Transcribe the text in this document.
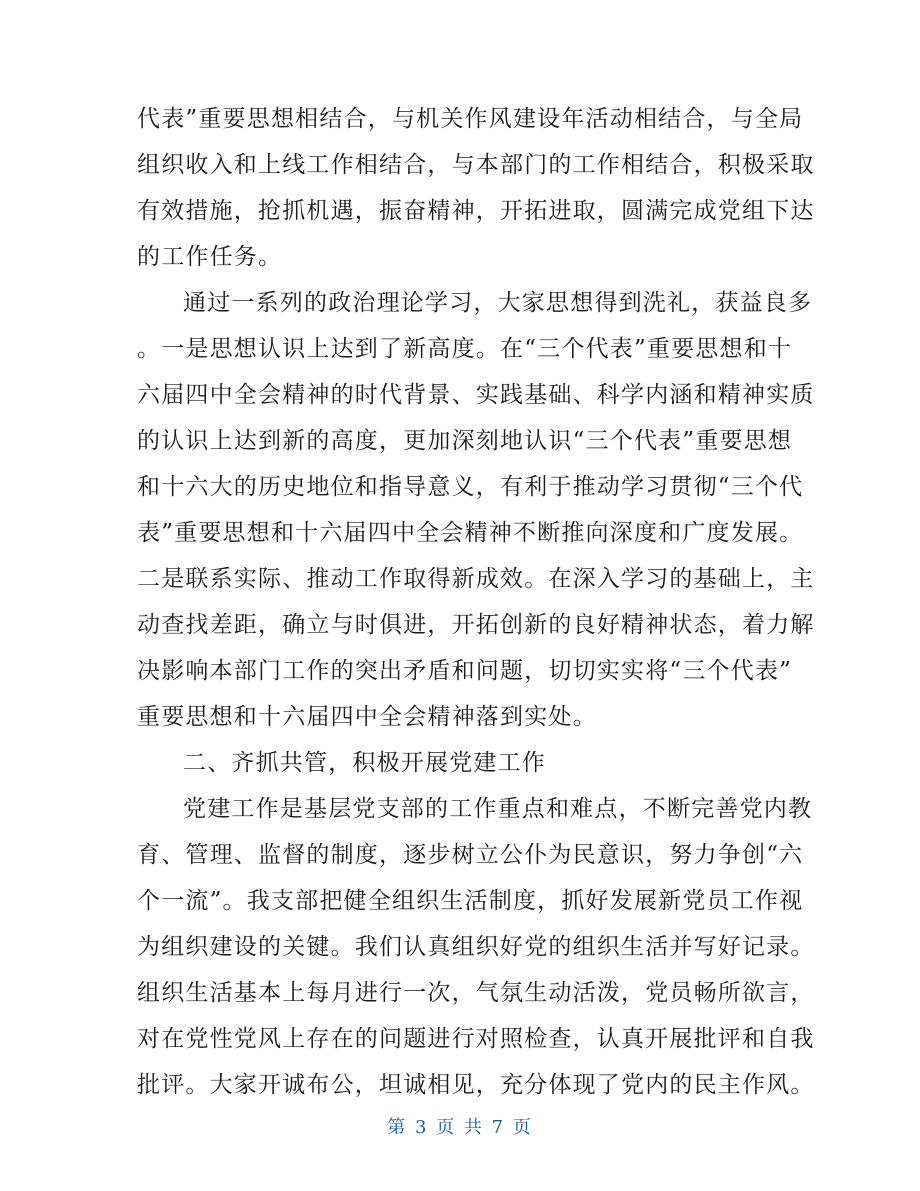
代表”重要思想相结合，与机关作风建设年活动相结合，与全局
组织收入和上线工作相结合，与本部门的工作相结合，积极采取
有效措施，抢抓机遇，振奋精神，开拓进取，圆满完成党组下达
的工作任务。
通过一系列的政治理论学习，大家思想得到洗礼，获益良多
。一是思想认识上达到了新高度。在“三个代表”重要思想和十
六届四中全会精神的时代背景、实践基础、科学内涵和精神实质
的认识上达到新的高度，更加深刻地认识“三个代表”重要思想
和十六大的历史地位和指导意义，有利于推动学习贯彻“三个代
表”重要思想和十六届四中全会精神不断推向深度和广度发展。
二是联系实际、推动工作取得新成效。在深入学习的基础上，主
动查找差距，确立与时俱进，开拓创新的良好精神状态，着力解
决影响本部门工作的突出矛盾和问题，切切实实将“三个代表”
重要思想和十六届四中全会精神落到实处。
二、齐抓共管，积极开展党建工作
党建工作是基层党支部的工作重点和难点，不断完善党内教
育、管理、监督的制度，逐步树立公仆为民意识，努力争创“六
个一流”。我支部把健全组织生活制度，抓好发展新党员工作视
为组织建设的关键。我们认真组织好党的组织生活并写好记录。
组织生活基本上每月进行一次，气氛生动活泼，党员畅所欲言，
对在党性党风上存在的问题进行对照检查，认真开展批评和自我
批评。大家开诚布公，坦诚相见，充分体现了党内的民主作风。
第 3 页 共 7 页
